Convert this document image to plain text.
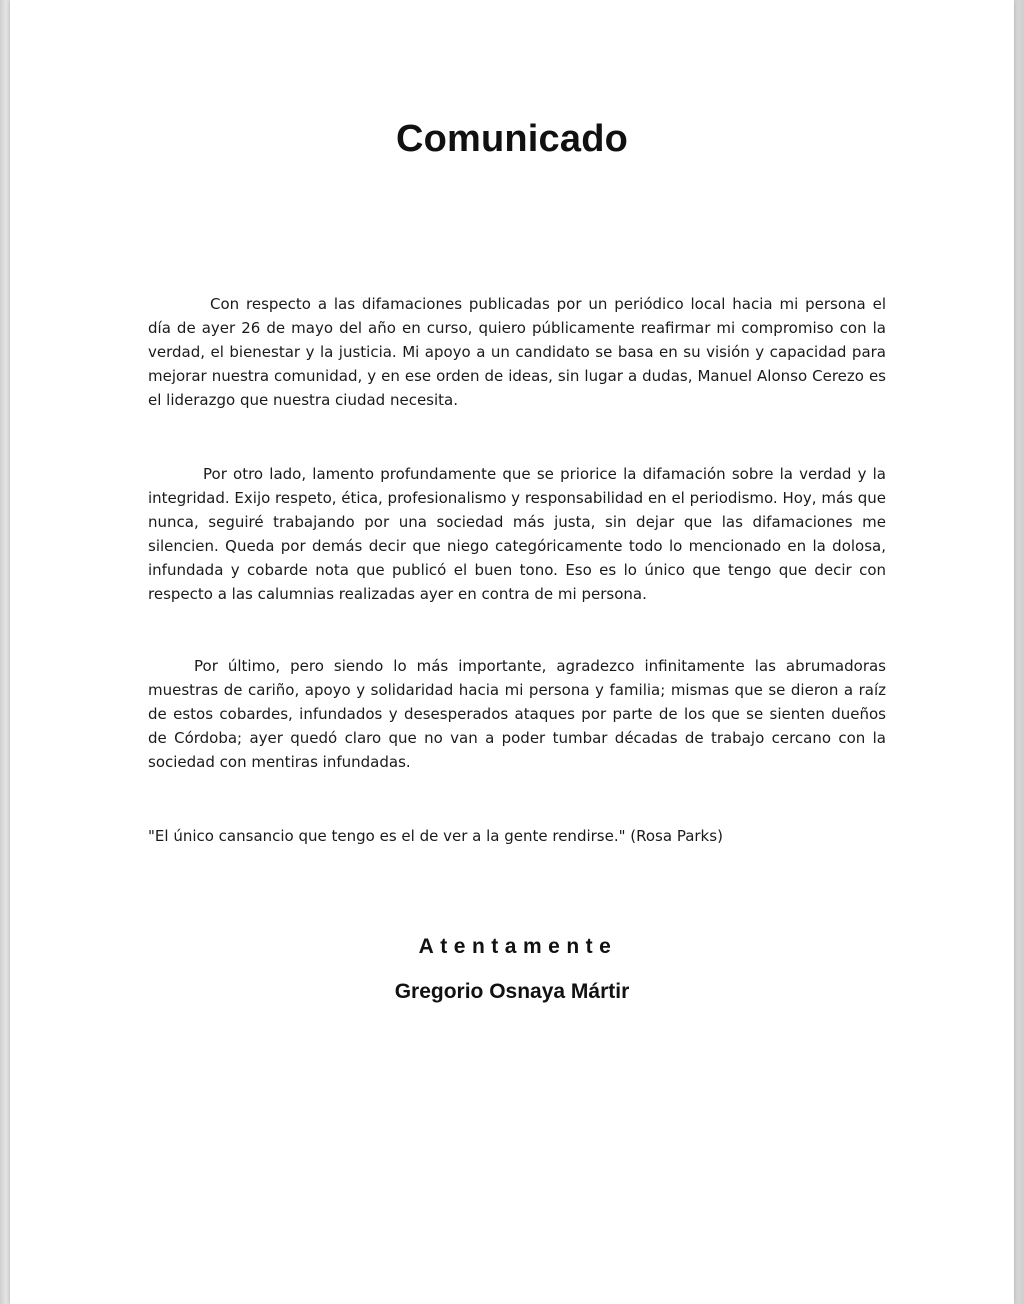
Comunicado

Con respecto a las difamaciones publicadas por un periódico local hacia mi persona el día de ayer 26 de mayo del año en curso, quiero públicamente reafirmar mi compromiso con la verdad, el bienestar y la justicia. Mi apoyo a un candidato se basa en su visión y capacidad para mejorar nuestra comunidad, y en ese orden de ideas, sin lugar a dudas, Manuel Alonso Cerezo es el liderazgo que nuestra ciudad necesita.

Por otro lado, lamento profundamente que se priorice la difamación sobre la verdad y la integridad. Exijo respeto, ética, profesionalismo y responsabilidad en el periodismo. Hoy, más que nunca, seguiré trabajando por una sociedad más justa, sin dejar que las difamaciones me silencien. Queda por demás decir que niego categóricamente todo lo mencionado en la dolosa, infundada y cobarde nota que publicó el buen tono. Eso es lo único que tengo que decir con respecto a las calumnias realizadas ayer en contra de mi persona.

Por último, pero siendo lo más importante, agradezco infinitamente las abrumadoras muestras de cariño, apoyo y solidaridad hacia mi persona y familia; mismas que se dieron a raíz de estos cobardes, infundados y desesperados ataques por parte de los que se sienten dueños de Córdoba; ayer quedó claro que no van a poder tumbar décadas de trabajo cercano con la sociedad con mentiras infundadas.

"El único cansancio que tengo es el de ver a la gente rendirse." (Rosa Parks)

Atentamente
Gregorio Osnaya Mártir
